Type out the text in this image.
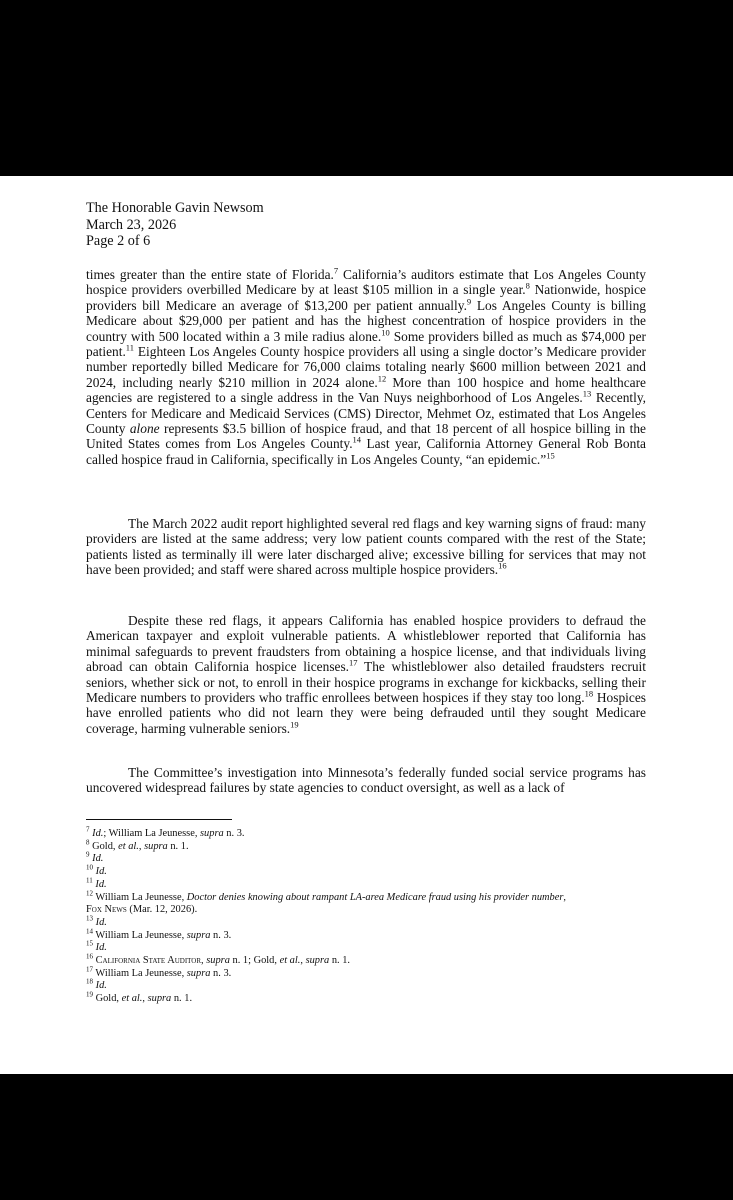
The Honorable Gavin Newsom
March 23, 2026
Page 2 of 6
times greater than the entire state of Florida.$^7$ California’s auditors estimate that Los Angeles County hospice providers overbilled Medicare by at least $105 million in a single year.$^8$ Nationwide, hospice providers bill Medicare an average of $13,200 per patient annually.$^9$ Los Angeles County is billing Medicare about $29,000 per patient and has the highest concentration of hospice providers in the country with 500 located within a 3 mile radius alone.$^{10}$ Some providers billed as much as $74,000 per patient.$^{11}$ Eighteen Los Angeles County hospice providers all using a single doctor’s Medicare provider number reportedly billed Medicare for 76,000 claims totaling nearly $600 million between 2021 and 2024, including nearly $210 million in 2024 alone.$^{12}$ More than 100 hospice and home healthcare agencies are registered to a single address in the Van Nuys neighborhood of Los Angeles.$^{13}$ Recently, Centers for Medicare and Medicaid Services (CMS) Director, Mehmet Oz, estimated that Los Angeles County alone represents $3.5 billion of hospice fraud, and that 18 percent of all hospice billing in the United States comes from Los Angeles County.$^{14}$ Last year, California Attorney General Rob Bonta called hospice fraud in California, specifically in Los Angeles County, “an epidemic.”$^{15}$
The March 2022 audit report highlighted several red flags and key warning signs of fraud: many providers are listed at the same address; very low patient counts compared with the rest of the State; patients listed as terminally ill were later discharged alive; excessive billing for services that may not have been provided; and staff were shared across multiple hospice providers.$^{16}$
Despite these red flags, it appears California has enabled hospice providers to defraud the American taxpayer and exploit vulnerable patients. A whistleblower reported that California has minimal safeguards to prevent fraudsters from obtaining a hospice license, and that individuals living abroad can obtain California hospice licenses.$^{17}$ The whistleblower also detailed fraudsters recruit seniors, whether sick or not, to enroll in their hospice programs in exchange for kickbacks, selling their Medicare numbers to providers who traffic enrollees between hospices if they stay too long.$^{18}$ Hospices have enrolled patients who did not learn they were being defrauded until they sought Medicare coverage, harming vulnerable seniors.$^{19}$
The Committee’s investigation into Minnesota’s federally funded social service programs has uncovered widespread failures by state agencies to conduct oversight, as well as a lack of
$^7$ Id.; William La Jeunesse, supra n. 3.
$^8$ Gold, et al., supra n. 1.
$^9$ Id.
$^{10}$ Id.
$^{11}$ Id.
$^{12}$ William La Jeunesse, Doctor denies knowing about rampant LA-area Medicare fraud using his provider number,
Fox News (Mar. 12, 2026).
$^{13}$ Id.
$^{14}$ William La Jeunesse, supra n. 3.
$^{15}$ Id.
$^{16}$ California State Auditor, supra n. 1; Gold, et al., supra n. 1.
$^{17}$ William La Jeunesse, supra n. 3.
$^{18}$ Id.
$^{19}$ Gold, et al., supra n. 1.
